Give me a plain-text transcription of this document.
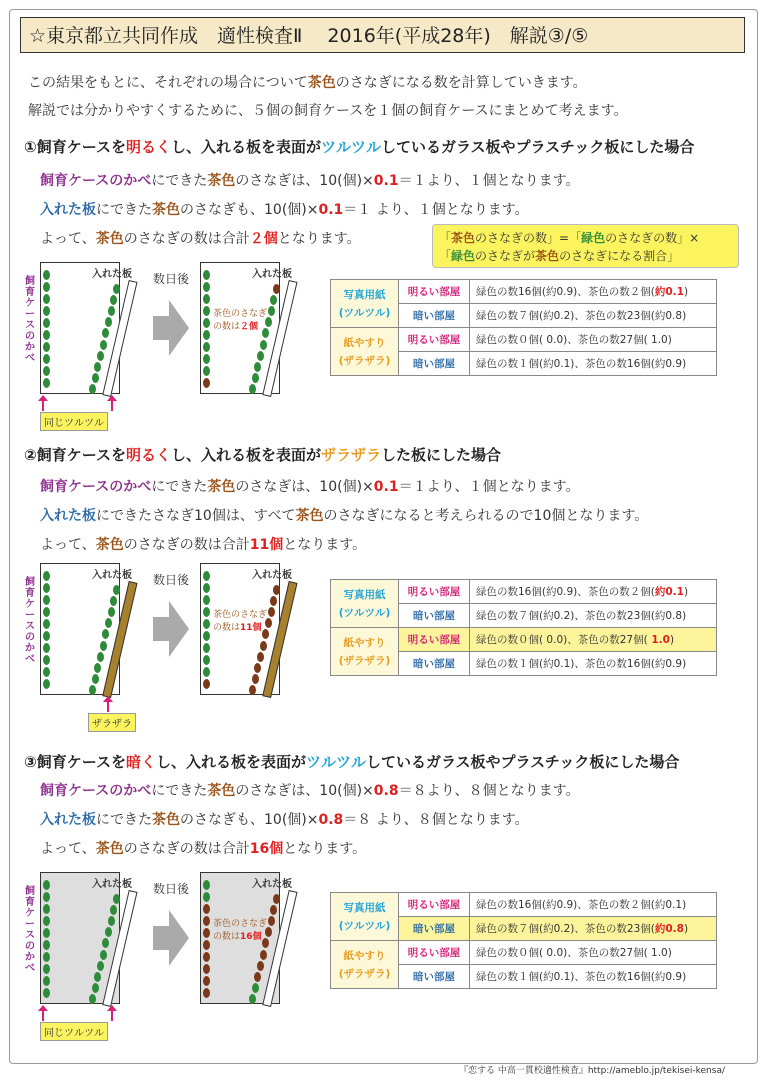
☆東京都立共同作成　適性検査Ⅱ　 2016年(平成28年)　解説③/⑤
この結果をもとに、それぞれの場合について茶色のさなぎになる数を計算していきます。
解説では分かりやすくするために、５個の飼育ケースを１個の飼育ケースにまとめて考えます。
①飼育ケースを明るくし、入れる板を表面がツルツルしているガラス板やプラスチック板にした場合
飼育ケースのかべにできた茶色のさなぎは、10(個)×0.1＝１より、１個となります。
入れた板にできた茶色のさなぎも、10(個)×0.1＝１ より、１個となります。
よって、茶色のさなぎの数は合計２個となります。	「茶色のさなぎの数」=「緑色のさなぎの数」×
「緑色のさなぎが茶色のさなぎになる割合」
入れた板	入れた板
茶色のさなぎ
の数は２個
数日後
飼育ケースのかべ
同じツルツル
入れた板	入れた板
茶色のさなぎ
の数は11個
数日後
飼育ケースのかべ
ザラザラ
入れた板	入れた板
茶色のさなぎ
の数は16個
数日後
飼育ケースのかべ
同じツルツル
写真用紙
(ツルツル)	明るい部屋	緑色の数16個(約0.9)、茶色の数２個(約0.1)
	暗い部屋	緑色の数７個(約0.2)、茶色の数23個(約0.8)
紙やすり
(ザラザラ)	明るい部屋	緑色の数０個( 0.0)、茶色の数27個( 1.0)
	暗い部屋	緑色の数１個(約0.1)、茶色の数16個(約0.9)
②飼育ケースを明るくし、入れる板を表面がザラザラした板にした場合
飼育ケースのかべにできた茶色のさなぎは、10(個)×0.1＝１より、１個となります。
入れた板にできたさなぎ10個は、すべて茶色のさなぎになると考えられるので10個となります。
よって、茶色のさなぎの数は合計11個となります。
写真用紙
(ツルツル)	明るい部屋	緑色の数16個(約0.9)、茶色の数２個(約0.1)
	暗い部屋	緑色の数７個(約0.2)、茶色の数23個(約0.8)
紙やすり
(ザラザラ)	明るい部屋	緑色の数０個( 0.0)、茶色の数27個( 1.0)
	暗い部屋	緑色の数１個(約0.1)、茶色の数16個(約0.9)
③飼育ケースを暗くし、入れる板を表面がツルツルしているガラス板やプラスチック板にした場合
飼育ケースのかべにできた茶色のさなぎは、10(個)×0.8＝８より、８個となります。
入れた板にできた茶色のさなぎも、10(個)×0.8＝８ より、８個となります。
よって、茶色のさなぎの数は合計16個となります。
写真用紙
(ツルツル)	明るい部屋	緑色の数16個(約0.9)、茶色の数２個(約0.1)
	暗い部屋	緑色の数７個(約0.2)、茶色の数23個(約0.8)
紙やすり
(ザラザラ)	明るい部屋	緑色の数０個( 0.0)、茶色の数27個( 1.0)
	暗い部屋	緑色の数１個(約0.1)、茶色の数16個(約0.9)
『恋する 中高一貫校適性検査』http://ameblo.jp/tekisei-kensa/
